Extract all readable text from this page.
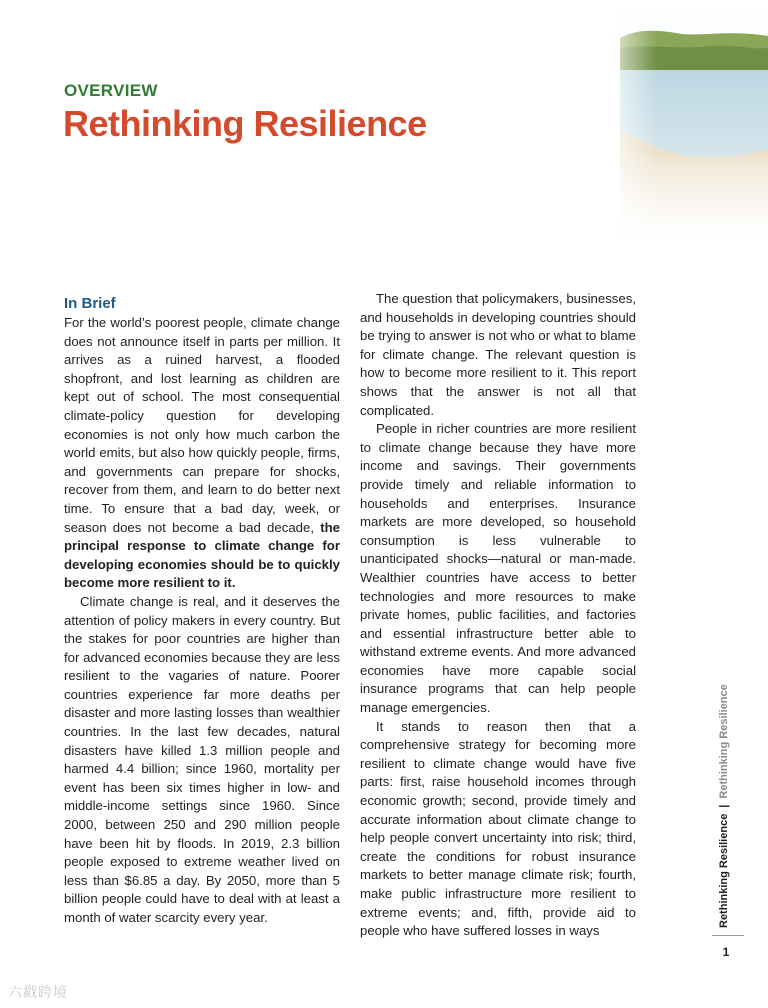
OVERVIEW
Rethinking Resilience
In Brief

For the world’s poorest people, climate change does not announce itself in parts per million. It arrives as a ruined harvest, a flooded shopfront, and lost learning as children are kept out of school. The most consequential climate-policy question for developing economies is not only how much carbon the world emits, but also how quickly people, firms, and governments can prepare for shocks, recover from them, and learn to do better next time. To ensure that a bad day, week, or season does not become a bad decade, the principal response to climate change for developing economies should be to quickly become more resilient to it.

Climate change is real, and it deserves the attention of policy makers in every country. But the stakes for poor countries are higher than for advanced economies because they are less resilient to the vagaries of nature. Poorer countries experience far more deaths per disaster and more lasting losses than wealthier countries. In the last few decades, natural disasters have killed 1.3 million people and harmed 4.4 billion; since 1960, mortality per event has been six times higher in low- and middle-income settings since 1960. Since 2000, between 250 and 290 million people have been hit by floods. In 2019, 2.3 billion people exposed to extreme weather lived on less than $6.85 a day. By 2050, more than 5 billion people could have to deal with at least a month of water scarcity every year.

The question that policymakers, businesses, and households in developing countries should be trying to answer is not who or what to blame for climate change. The relevant question is how to become more resilient to it. This report shows that the answer is not all that complicated.

People in richer countries are more resilient to climate change because they have more income and savings. Their governments provide timely and reliable information to households and enterprises. Insurance markets are more developed, so household consumption is less vulnerable to unanticipated shocks—natural or man-made. Wealthier countries have access to better technologies and more resources to make private homes, public facilities, and factories and essential infrastructure better able to withstand extreme events. And more advanced economies have more capable social insurance programs that can help people manage emergencies.

It stands to reason then that a comprehensive strategy for becoming more resilient to climate change would have five parts: first, raise household incomes through economic growth; second, provide timely and accurate information about climate change to help people convert uncertainty into risk; third, create the conditions for robust insurance markets to better manage climate risk; fourth, make public infrastructure more resilient to extreme events; and, fifth, provide aid to people who have suffered losses in ways

Rethinking Resilience|Rethinking Resilience
1
六戳跨境
